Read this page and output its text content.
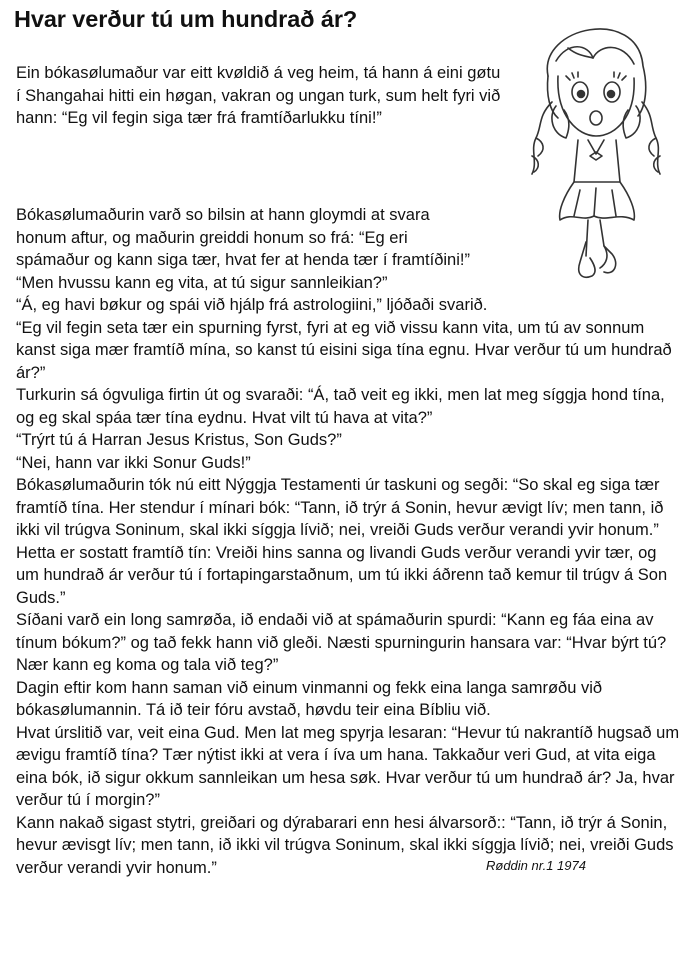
Hvar verður tú um hundrað ár?

Ein bókasølumaður var eitt kvøldið á veg heim, tá hann á eini gøtu í Shangahai hitti ein høgan, vakran og ungan turk, sum helt fyri við hann: “Eg vil fegin siga tær frá framtíðarlukku tíni!”

Bókasølumaðurin varð so bilsin at hann gloymdi at svara honum aftur, og maðurin greiddi honum so frá: “Eg eri spámaður og kann siga tær, hvat fer at henda tær í framtíðini!”

“Men hvussu kann eg vita, at tú sigur sannleikian?”

“Á, eg havi bøkur og spái við hjálp frá astrologiini,” ljóðaði svarið.

“Eg vil fegin seta tær ein spurning fyrst, fyri at eg við vissu kann vita, um tú av sonnum kanst siga mær framtíð mína, so kanst tú eisini siga tína egnu. Hvar verður tú um hundrað ár?”

Turkurin sá ógvuliga firtin út og svaraði: “Á, tað veit eg ikki, men lat meg síggja hond tína, og eg skal spáa tær tína eydnu. Hvat vilt tú hava at vita?”

“Trýrt tú á Harran Jesus Kristus, Son Guds?”

“Nei, hann var ikki Sonur Guds!”

Bókasølumaðurin tók nú eitt Nýggja Testamenti úr taskuni og segði: “So skal eg siga tær framtíð tína. Her stendur í mínari bók: “Tann, ið trýr á Sonin, hevur ævigt lív; men tann, ið ikki vil trúgva Soninum, skal ikki síggja lívið; nei, vreiði Guds verður verandi yvir honum.” Hetta er sostatt framtíð tín: Vreiði hins sanna og livandi Guds verður verandi yvir tær, og um hundrað ár verður tú í fortapingarstaðnum, um tú ikki áðrenn tað kemur til trúgv á Son Guds.”

Síðani varð ein long samrøða, ið endaði við at spámaðurin spurdi: “Kann eg fáa eina av tínum bókum?” og tað fekk hann við gleði. Næsti spurningurin hansara var: “Hvar býrt tú? Nær kann eg koma og tala við teg?”

Dagin eftir kom hann saman við einum vinmanni og fekk eina langa samrøðu við bókasølumannin. Tá ið teir fóru avstað, høvdu teir eina Bíbliu við.

Hvat úrslitið var, veit eina Gud. Men lat meg spyrja lesaran: “Hevur tú nakrantíð hugsað um ævigu framtíð tína? Tær nýtist ikki at vera í íva um hana. Takkaður veri Gud, at vita eiga eina bók, ið sigur okkum sannleikan um hesa søk. Hvar verður tú um hundrað ár? Ja, hvar verður tú í morgin?”

Kann nakað sigast stytri, greiðari og dýrabarari enn hesi álvarsorð:: “Tann, ið trýr á Sonin, hevur ævisgt lív; men tann, ið ikki vil trúgva Soninum, skal ikki síggja lívið; nei, vreiði Guds verður verandi yvir honum.”	Røddin nr.1 1974
